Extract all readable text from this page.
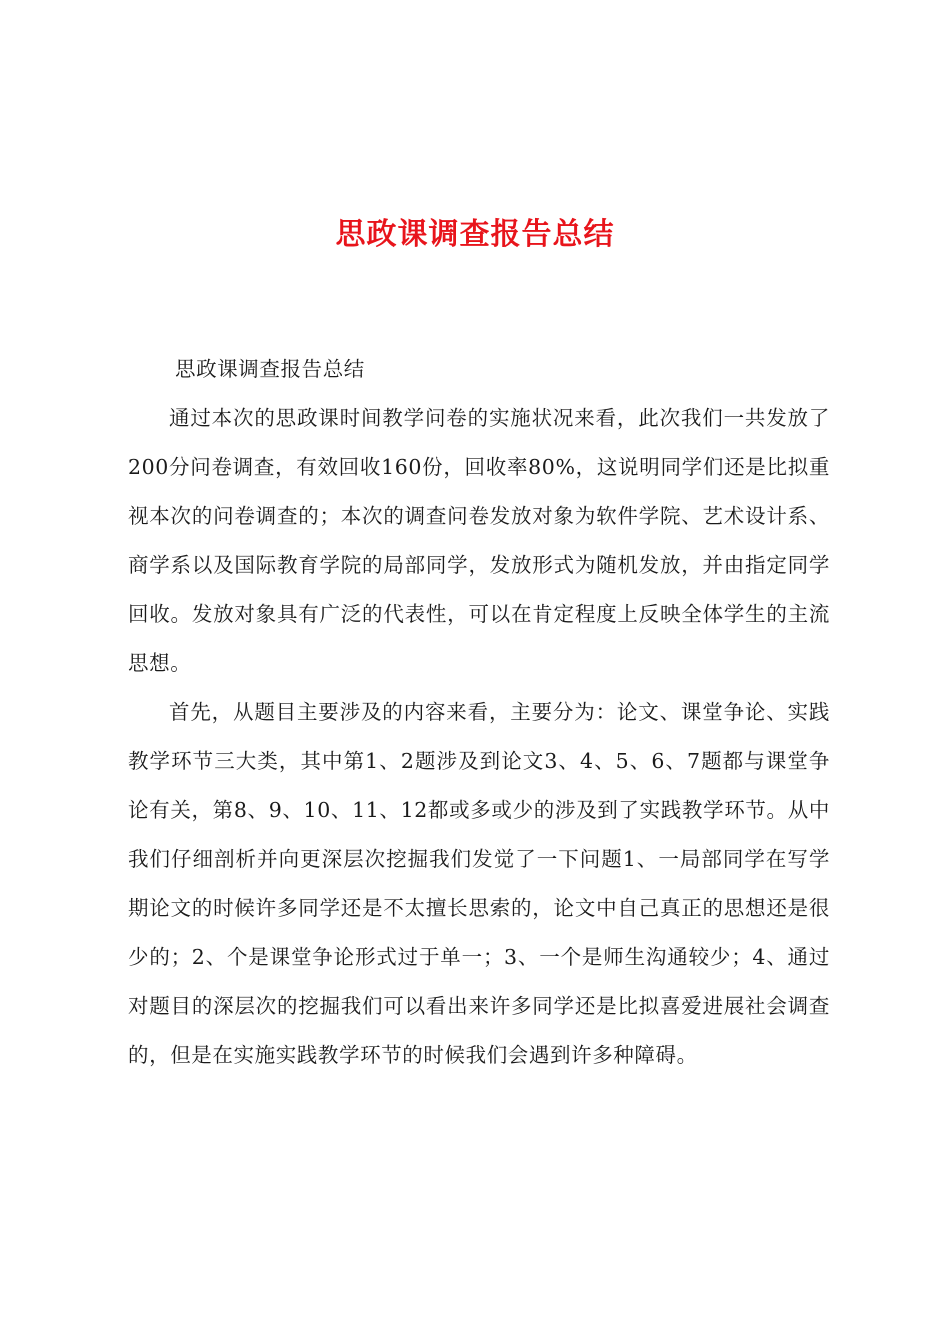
思政课调查报告总结

思政课调查报告总结

通过本次的思政课时间教学问卷的实施状况来看，此次我们一共发放了200分问卷调查，有效回收160份，回收率80%，这说明同学们还是比拟重视本次的问卷调查的；本次的调查问卷发放对象为软件学院、艺术设计系、商学系以及国际教育学院的局部同学，发放形式为随机发放，并由指定同学回收。发放对象具有广泛的代表性，可以在肯定程度上反映全体学生的主流思想。

首先，从题目主要涉及的内容来看，主要分为：论文、课堂争论、实践教学环节三大类，其中第1、2题涉及到论文3、4、5、6、7题都与课堂争论有关，第8、9、10、11、12都或多或少的涉及到了实践教学环节。从中我们仔细剖析并向更深层次挖掘我们发觉了一下问题1、一局部同学在写学期论文的时候许多同学还是不太擅长思索的，论文中自己真正的思想还是很少的；2、个是课堂争论形式过于单一；3、一个是师生沟通较少；4、通过对题目的深层次的挖掘我们可以看出来许多同学还是比拟喜爱进展社会调查的，但是在实施实践教学环节的时候我们会遇到许多种障碍。
